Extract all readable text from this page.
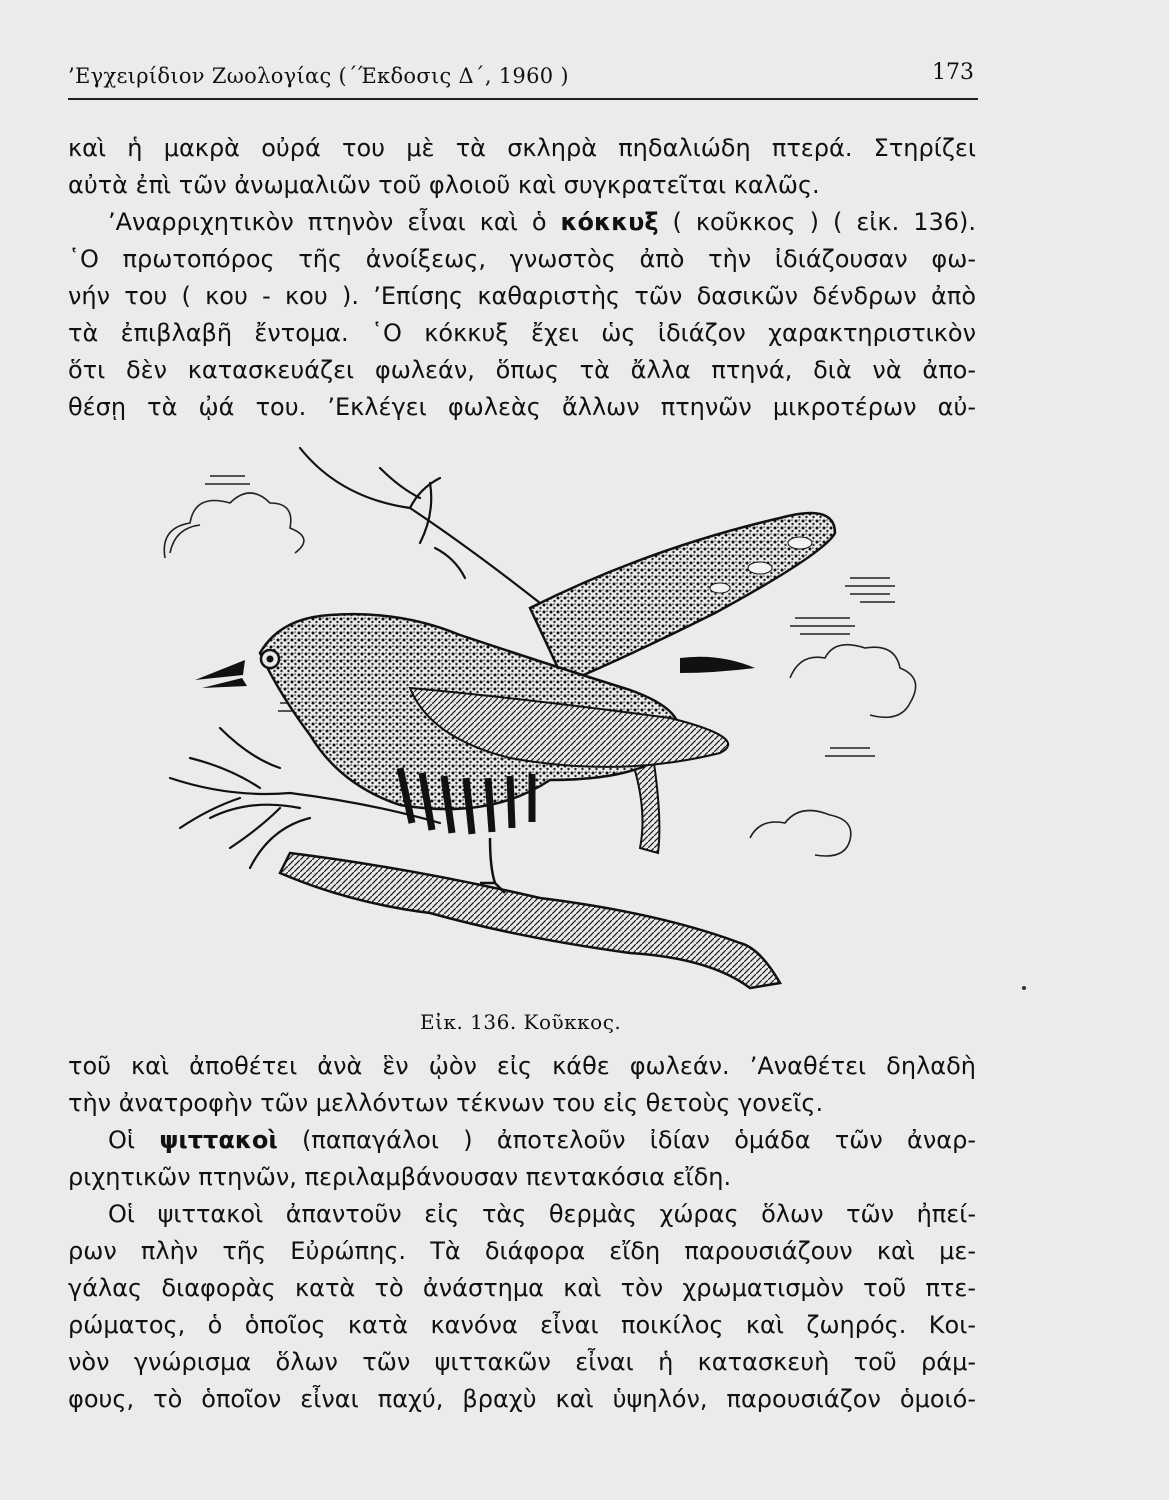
’Εγχειρίδιον Ζωολογίας (΄Έκδοσις Δ΄, 1960 )	173
καὶ ἡ μακρὰ οὐρά του μὲ τὰ σκληρὰ πηδαλιώδη πτερά. Στηρίζει
αὐτὰ ἐπὶ τῶν ἀνωμαλιῶν τοῦ φλοιοῦ καὶ συγκρατεῖται καλῶς.
’Αναρριχητικὸν πτηνὸν εἶναι καὶ ὁ κόκκυξ ( κοῦκκος ) ( εἰκ. 136).
῾Ο πρωτοπόρος τῆς ἀνοίξεως, γνωστὸς ἀπὸ τὴν ἰδιάζουσαν φω-
νήν του ( κου - κου ). ’Επίσης καθαριστὴς τῶν δασικῶν δένδρων ἀπὸ
τὰ ἐπιβλαβῆ ἔντομα. ῾Ο κόκκυξ ἔχει ὡς ἰδιάζον χαρακτηριστικὸν
ὅτι δὲν κατασκευάζει φωλεάν, ὅπως τὰ ἄλλα πτηνά, διὰ νὰ ἀπο-
θέσῃ τὰ ᾠά του. ’Εκλέγει φωλεὰς ἄλλων πτηνῶν μικροτέρων αὐ-
Εἰκ. 136. Κοῦκκος.
τοῦ καὶ ἀποθέτει ἀνὰ ἓν ᾠὸν εἰς κάθε φωλεάν. ’Αναθέτει δηλαδὴ
τὴν ἀνατροφὴν τῶν μελλόντων τέκνων του εἰς θετοὺς γονεῖς.
Οἱ ψιττακοὶ (παπαγάλοι ) ἀποτελοῦν ἰδίαν ὁμάδα τῶν ἀναρ-
ριχητικῶν πτηνῶν, περιλαμβάνουσαν πεντακόσια εἴδη.
Οἱ ψιττακοὶ ἀπαντοῦν εἰς τὰς θερμὰς χώρας ὅλων τῶν ἠπεί-
ρων πλὴν τῆς Εὐρώπης. Τὰ διάφορα εἴδη παρουσιάζουν καὶ με-
γάλας διαφορὰς κατὰ τὸ ἀνάστημα καὶ τὸν χρωματισμὸν τοῦ πτε-
ρώματος, ὁ ὁποῖος κατὰ κανόνα εἶναι ποικίλος καὶ ζωηρός. Κοι-
νὸν γνώρισμα ὅλων τῶν ψιττακῶν εἶναι ἡ κατασκευὴ τοῦ ράμ-
φους, τὸ ὁποῖον εἶναι παχύ, βραχὺ καὶ ὑψηλόν, παρουσιάζον ὁμοιό-
